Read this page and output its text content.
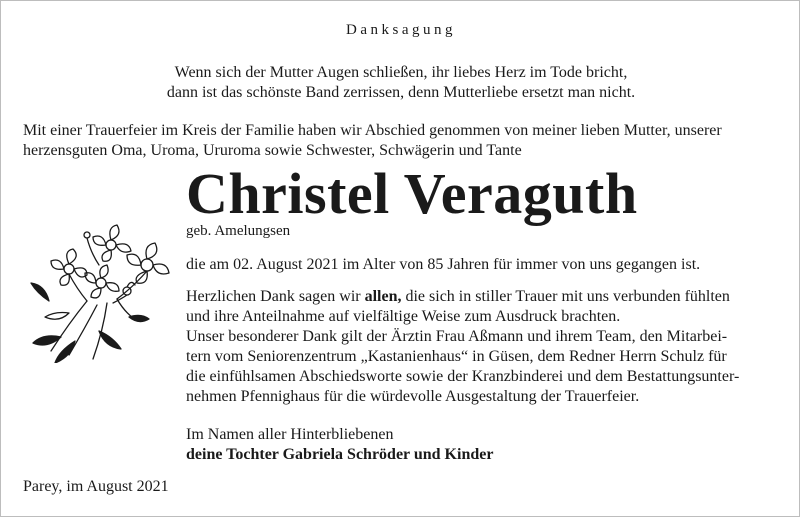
Danksagung
Wenn sich der Mutter Augen schließen, ihr liebes Herz im Tode bricht,
dann ist das schönste Band zerrissen, denn Mutterliebe ersetzt man nicht.
Mit einer Trauerfeier im Kreis der Familie haben wir Abschied genommen von meiner lieben Mutter, unserer
herzensguten Oma, Uroma, Ururoma sowie Schwester, Schwägerin und Tante
Christel Veraguth
geb. Amelungsen

die am 02. August 2021 im Alter von 85 Jahren für immer von uns gegangen ist.

Herzlichen Dank sagen wir allen, die sich in stiller Trauer mit uns verbunden fühlten

und ihre Anteilnahme auf vielfältige Weise zum Ausdruck brachten.

Unser besonderer Dank gilt der Ärztin Frau Aßmann und ihrem Team, den Mitarbei-

tern vom Seniorenzentrum „Kastanienhaus“ in Güsen, dem Redner Herrn Schulz für

die einfühlsamen Abschiedsworte sowie der Kranzbinderei und dem Bestattungsunter-

nehmen Pfennighaus für die würdevolle Ausgestaltung der Trauerfeier.

Im Namen aller Hinterbliebenen

deine Tochter Gabriela Schröder und Kinder

Parey, im August 2021
